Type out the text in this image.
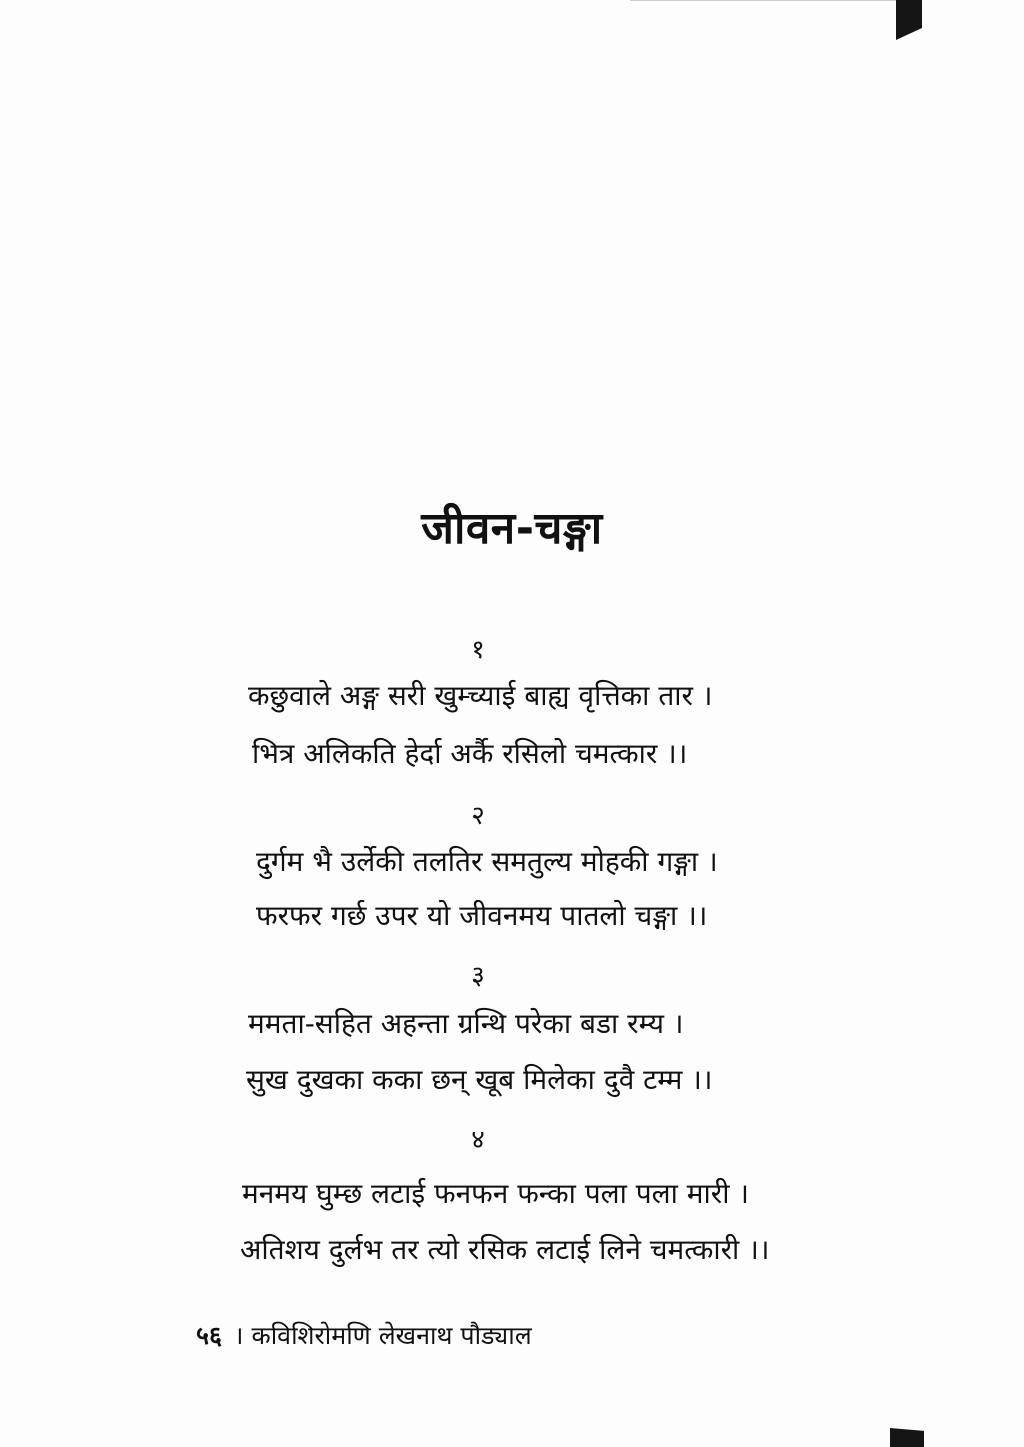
जीवन-चङ्गा
१
कछुवाले अङ्ग सरी खुम्च्याई बाह्य वृत्तिका तार ।
भित्र अलिकति हेर्दा अर्कै रसिलो चमत्कार ।।
२
दुर्गम भै उर्लेकी तलतिर समतुल्य मोहकी गङ्गा ।
फरफर गर्छ उपर यो जीवनमय पातलो चङ्गा ।।
३
ममता-सहित अहन्ता ग्रन्थि परेका बडा रम्य ।
सुख दुखका कका छन् खूब मिलेका दुवै टम्म ।।
४
मनमय घुम्छ लटाई फनफन फन्का पला पला मारी ।
अतिशय दुर्लभ तर त्यो रसिक लटाई लिने चमत्कारी ।।
५६ । कविशिरोमणि लेखनाथ पौड्याल
